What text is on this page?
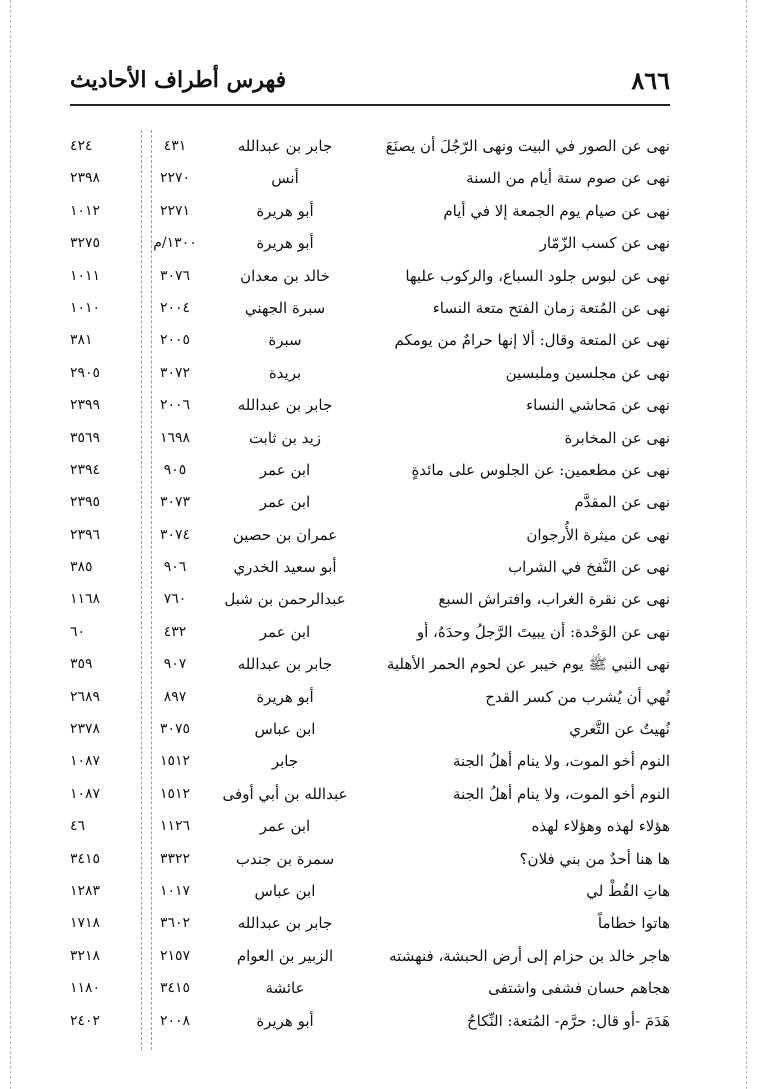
فهرس أطراف الأحاديث	٨٦٦
نهى عن الصور في البيت ونهى الرّجُلَ أن يصنَعَ
جابر بن عبدالله
٤٣١
٤٢٤
نهى عن صوم ستة أيام من السنة
أنس
٢٢٧٠
٢٣٩٨
نهى عن صيام يوم الجمعة إلا في أيام
أبو هريرة
٢٢٧١
١٠١٢
نهى عن كسب الزّمّار
أبو هريرة
١٣٠٠/م
٣٢٧٥
نهى عن لبوس جلود السباع، والركوب عليها
خالد بن معدان
٣٠٧٦
١٠١١
نهى عن المُتعة زمان الفتح متعة النساء
سبرة الجهني
٢٠٠٤
١٠١٠
نهى عن المتعة وقال: ألا إنها حرامٌ من يومكم
سبرة
٢٠٠٥
٣٨١
نهى عن مجلسين وملبسين
بريدة
٣٠٧٢
٢٩٠٥
نهى عن مَحاشي النساء
جابر بن عبدالله
٢٠٠٦
٢٣٩٩
نهى عن المخابرة
زيد بن ثابت
١٦٩٨
٣٥٦٩
نهى عن مطعمين: عن الجلوس على مائدةٍ
ابن عمر
٩٠٥
٢٣٩٤
نهى عن المقدَّم
ابن عمر
٣٠٧٣
٢٣٩٥
نهى عن ميثرة الأُرجوان
عمران بن حصين
٣٠٧٤
٢٣٩٦
نهى عن النَّفخ في الشراب
أبو سعيد الخدري
٩٠٦
٣٨٥
نهى عن نقرة الغراب، وافتراش السبع
عبدالرحمن بن شبل
٧٦٠
١١٦٨
نهى عن الوَحْدة: أن يبيتَ الرَّجلُ وحدَهُ، أو
ابن عمر
٤٣٢
٦٠
نهى النبي ﷺ يوم خيبر عن لحوم الحمر الأهلية
جابر بن عبدالله
٩٠٧
٣٥٩
نُهي أن يُشرب من كسر القدح
أبو هريرة
٨٩٧
٢٦٨٩
نُهيتُ عن التَّعري
ابن عباس
٣٠٧٥
٢٣٧٨
النوم أخو الموت، ولا ينام أهلُ الجنة
جابر
١٥١٢
١٠٨٧
النوم أخو الموت، ولا ينام أهلُ الجنة
عبدالله بن أبي أوفى
١٥١٢
١٠٨٧
هؤلاء لهذه وهؤلاء لهذه
ابن عمر
١١٢٦
٤٦
ها هنا أحدٌ من بني فلان؟
سمرة بن جندب
٣٣٢٢
٣٤١٥
هاتِ القُطْ لي
ابن عباس
١٠١٧
١٢٨٣
هاتوا خطاماً
جابر بن عبدالله
٣٦٠٢
١٧١٨
هاجر خالد بن حزام إلى أرض الحبشة، فنهشته
الزبير بن العوام
٢١٥٧
٣٢١٨
هجاهم حسان فشفى واشتفى
عائشة
٣٤١٥
١١٨٠
هَدَمَ -أو قال: حرَّم- المُتعة: النِّكاحُ
أبو هريرة
٢٠٠٨
٢٤٠٢
